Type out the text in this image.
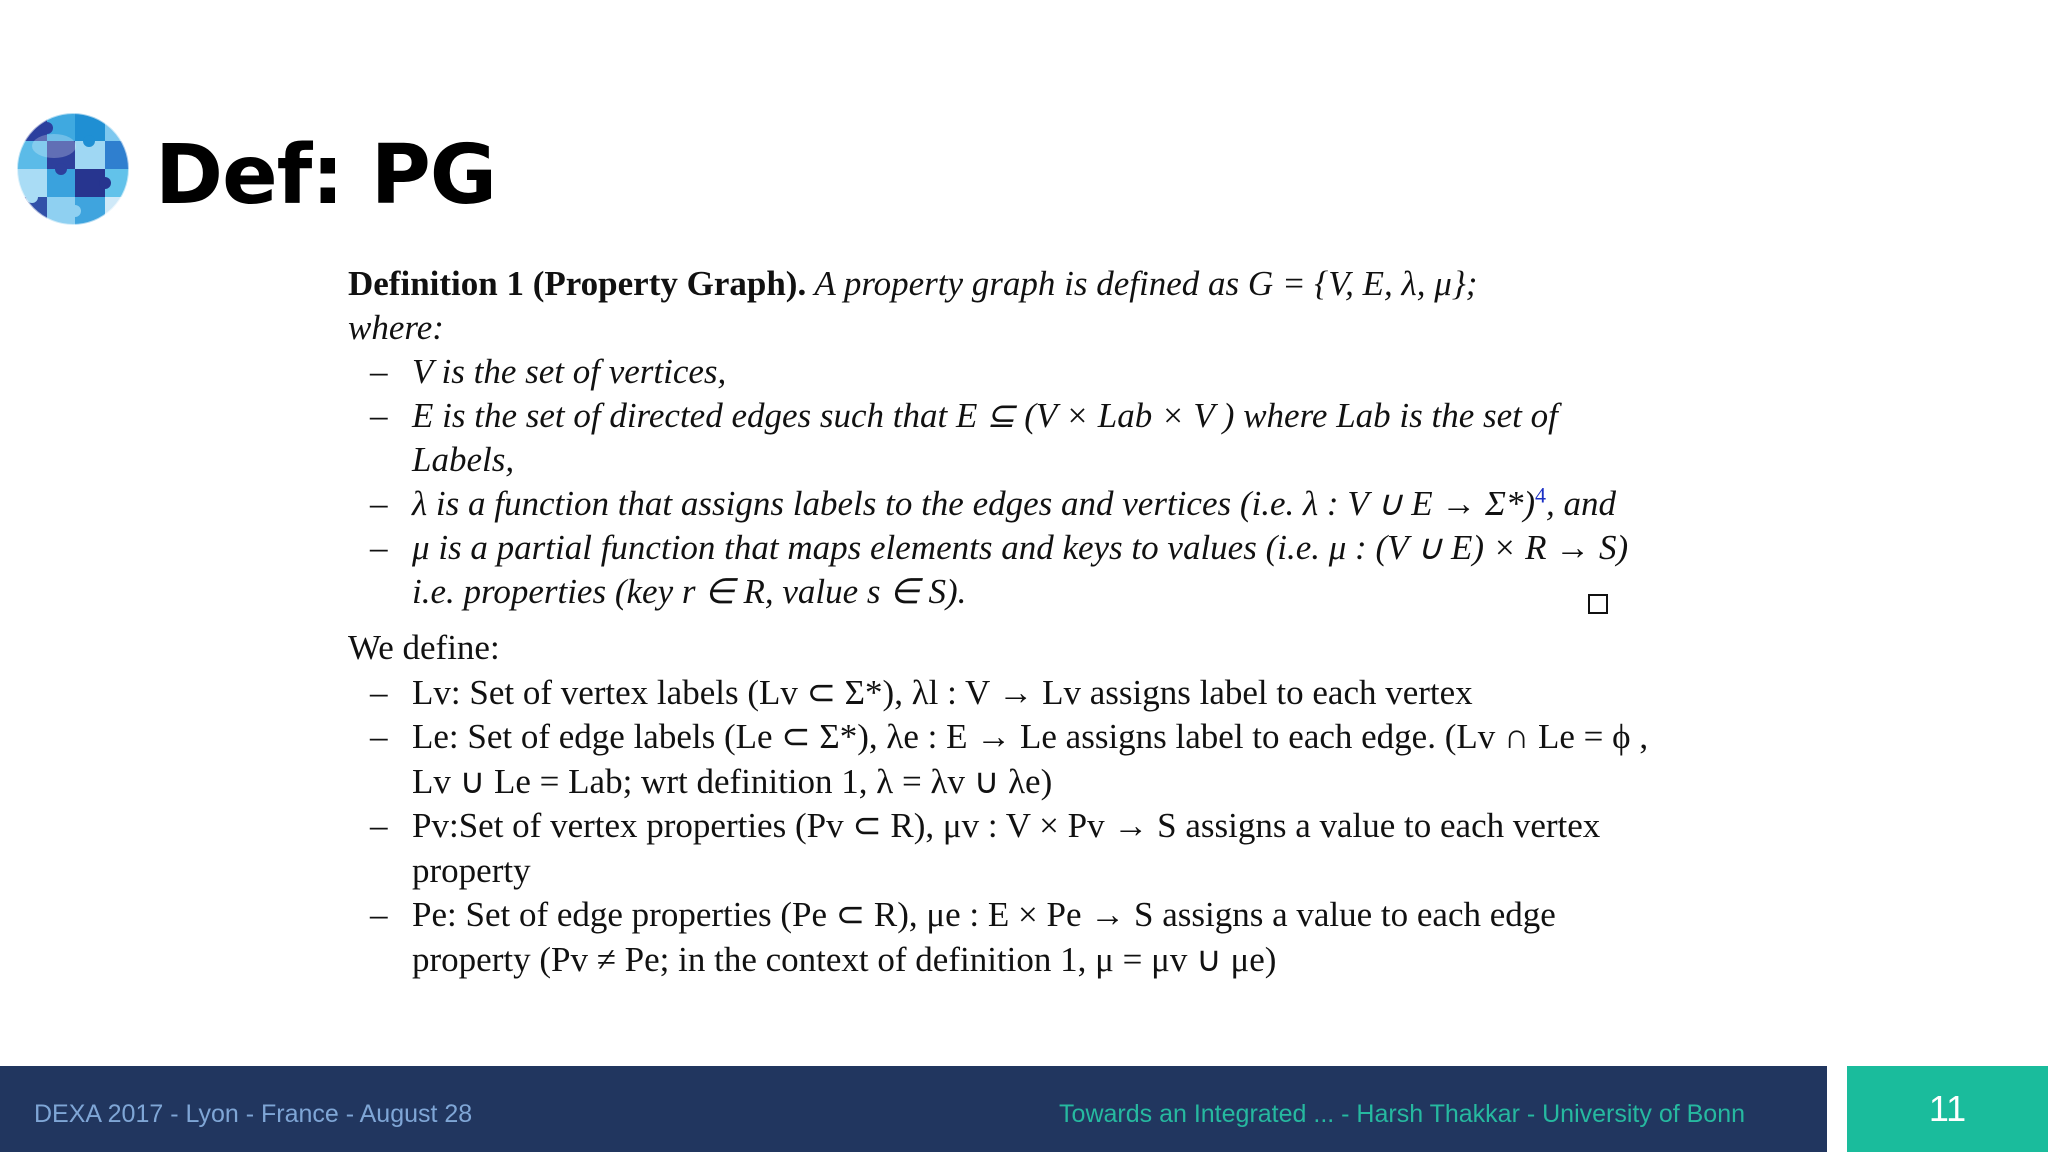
Def: PG
Definition 1 (Property Graph). A property graph is defined as G = {V, E, λ, μ};
where:
– V is the set of vertices,
– E is the set of directed edges such that E ⊆ (V × Lab × V ) where Lab is the set of Labels,
– λ is a function that assigns labels to the edges and vertices (i.e. λ : V ∪ E → Σ*)$^4$, and
– μ is a partial function that maps elements and keys to values (i.e. μ : (V ∪ E) × R → S) i.e. properties (key r ∈ R, value s ∈ S).
We define:
– Lv: Set of vertex labels (Lv ⊂ Σ*), λl : V → Lv assigns label to each vertex
– Le: Set of edge labels (Le ⊂ Σ*), λe : E → Le assigns label to each edge. (Lv ∩ Le = ϕ , Lv ∪ Le = Lab; wrt definition 1, λ = λv ∪ λe)
– Pv:Set of vertex properties (Pv ⊂ R), μv : V × Pv → S assigns a value to each vertex property
– Pe: Set of edge properties (Pe ⊂ R), μe : E × Pe → S assigns a value to each edge property (Pv ≠ Pe; in the context of definition 1, μ = μv ∪ μe)
DEXA 2017 - Lyon - France - August 28	Towards an Integrated ... - Harsh Thakkar - University of Bonn	11
